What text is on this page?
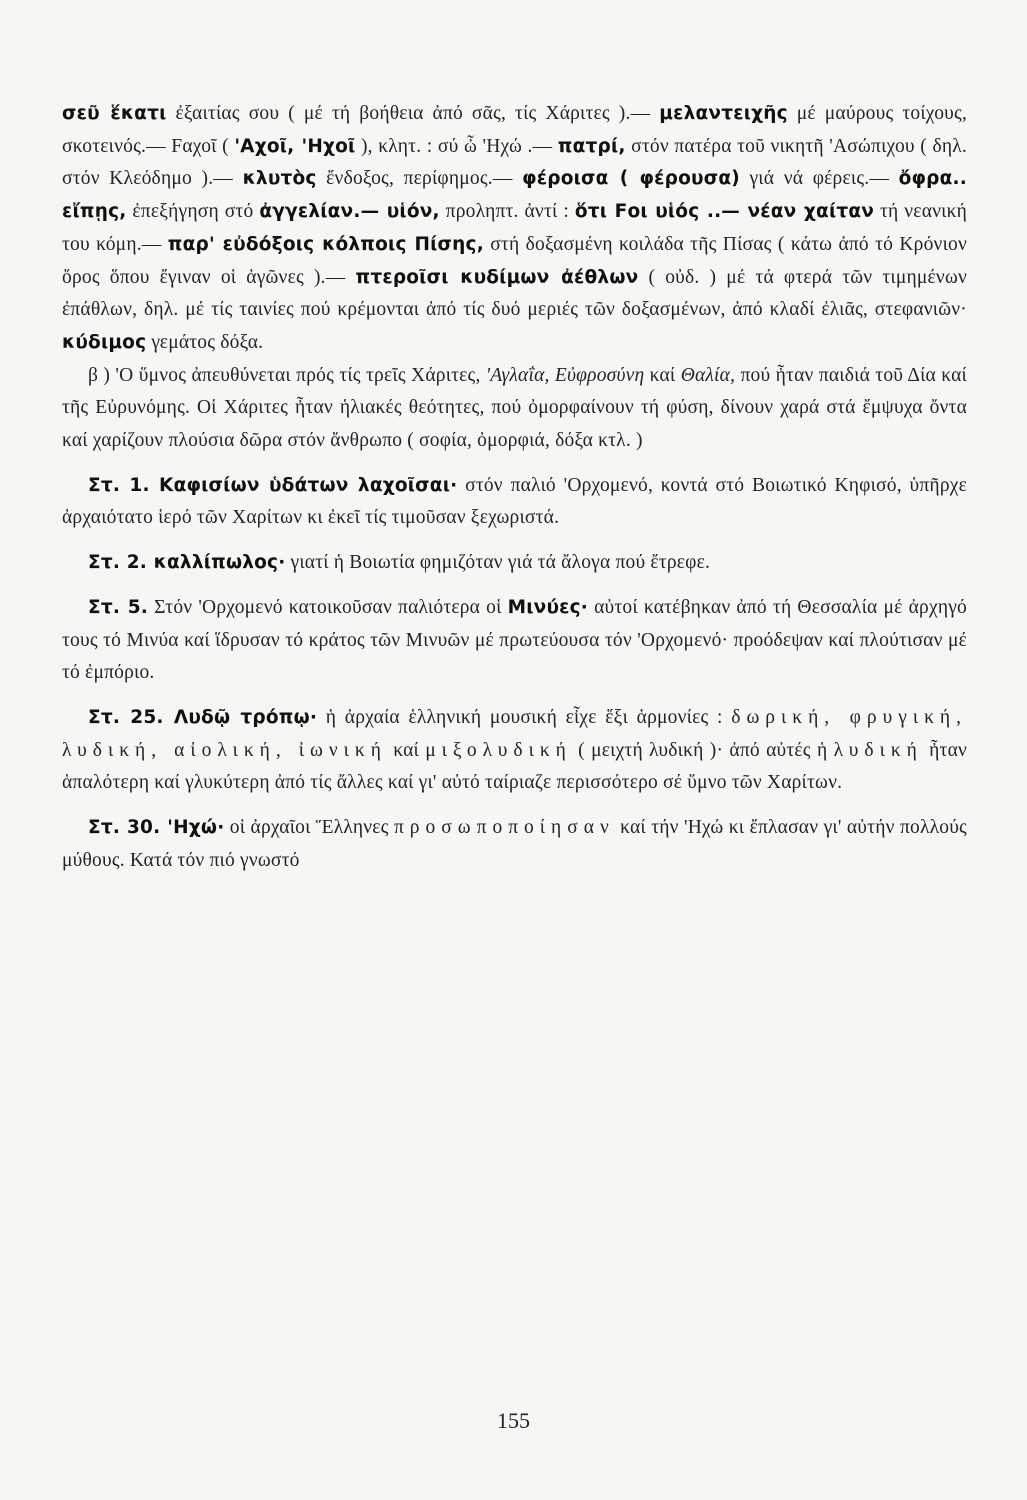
σεῦ ἕκατι ἐξαιτίας σου ( μέ τή βοήθεια ἀπό σᾶς, τίς Χάριτες ).— μελαντειχῆς μέ μαύρους τοίχους, σκοτεινός.— Fαχοῖ ( 'Αχοῖ, 'Ηχοῖ ), κλητ. : σύ ὦ 'Ηχώ .— πατρί, στόν πατέρα τοῦ νικητῆ 'Ασώπιχου ( δηλ. στόν Κλεόδημο ).— κλυτὸς ἔνδοξος, περίφημος.— φέροισα ( φέρουσα) γιά νά φέρεις.— ὄφρα.. εἴπῃς, ἐπεξήγηση στό ἀγγελίαν.— υἱόν, προληπτ. ἀντί : ὅτι Fοι υἱός ..— νέαν χαίταν τή νεανική του κόμη.— παρ' εὐδόξοις κόλποις Πίσης, στή δοξασμένη κοιλάδα τῆς Πίσας ( κάτω ἀπό τό Κρόνιον ὄρος ὅπου ἔγιναν οἱ ἀγῶνες ).— πτεροῖσι κυδίμων ἀέθλων ( οὐδ. ) μέ τά φτερά τῶν τιμημένων ἐπάθλων, δηλ. μέ τίς ταινίες πού κρέμονται ἀπό τίς δυό μεριές τῶν δοξασμένων, ἀπό κλαδί ἐλιᾶς, στεφανιῶν· κύδιμος γεμάτος δόξα.

β ) 'Ο ὕμνος ἀπευθύνεται πρός τίς τρεῖς Χάριτες, 'Αγλαΐα, Εὐφροσύνη καί Θαλία, πού ἦταν παιδιά τοῦ Δία καί τῆς Εὐρυνόμης. Οἱ Χάριτες ἦταν ἡλιακές θεότητες, πού ὀμορφαίνουν τή φύση, δίνουν χαρά στά ἔμψυχα ὄντα καί χαρίζουν πλούσια δῶρα στόν ἄνθρωπο ( σοφία, ὀμορφιά, δόξα κτλ. )

Στ. 1. Καφισίων ὑδάτων λαχοῖσαι· στόν παλιό 'Ορχομενό, κοντά στό Βοιωτικό Κηφισό, ὑπῆρχε ἀρχαιότατο ἱερό τῶν Χαρίτων κι ἐκεῖ τίς τιμοῦσαν ξεχωριστά.

Στ. 2. καλλίπωλος· γιατί ἡ Βοιωτία φημιζόταν γιά τά ἄλογα πού ἔτρεφε.

Στ. 5. Στόν 'Ορχομενό κατοικοῦσαν παλιότερα οἱ Μινύες· αὐτοί κατέβηκαν ἀπό τή Θεσσαλία μέ ἀρχηγό τους τό Μινύα καί ἵδρυσαν τό κράτος τῶν Μινυῶν μέ πρωτεύουσα τόν 'Ορχομενό· προόδεψαν καί πλούτισαν μέ τό ἐμπόριο.

Στ. 25. Λυδῷ τρόπῳ· ἡ ἀρχαία ἑλληνική μουσική εἶχε ἕξι ἁρμονίες : δωρική, φρυγική, λυδική, αἰολική, ἰωνική καί μιξολυδική ( μειχτή λυδική )· ἀπό αὐτές ἡ λυδική ἦταν ἁπαλότερη καί γλυκύτερη ἀπό τίς ἄλλες καί γι' αὐτό ταίριαζε περισσότερο σέ ὕμνο τῶν Χαρίτων.

Στ. 30. 'Ηχώ· οἱ ἀρχαῖοι Ἕλληνες προσωποποίησαν καί τήν 'Ηχώ κι ἔπλασαν γι' αὐτήν πολλούς μύθους. Κατά τόν πιό γνωστό

155
